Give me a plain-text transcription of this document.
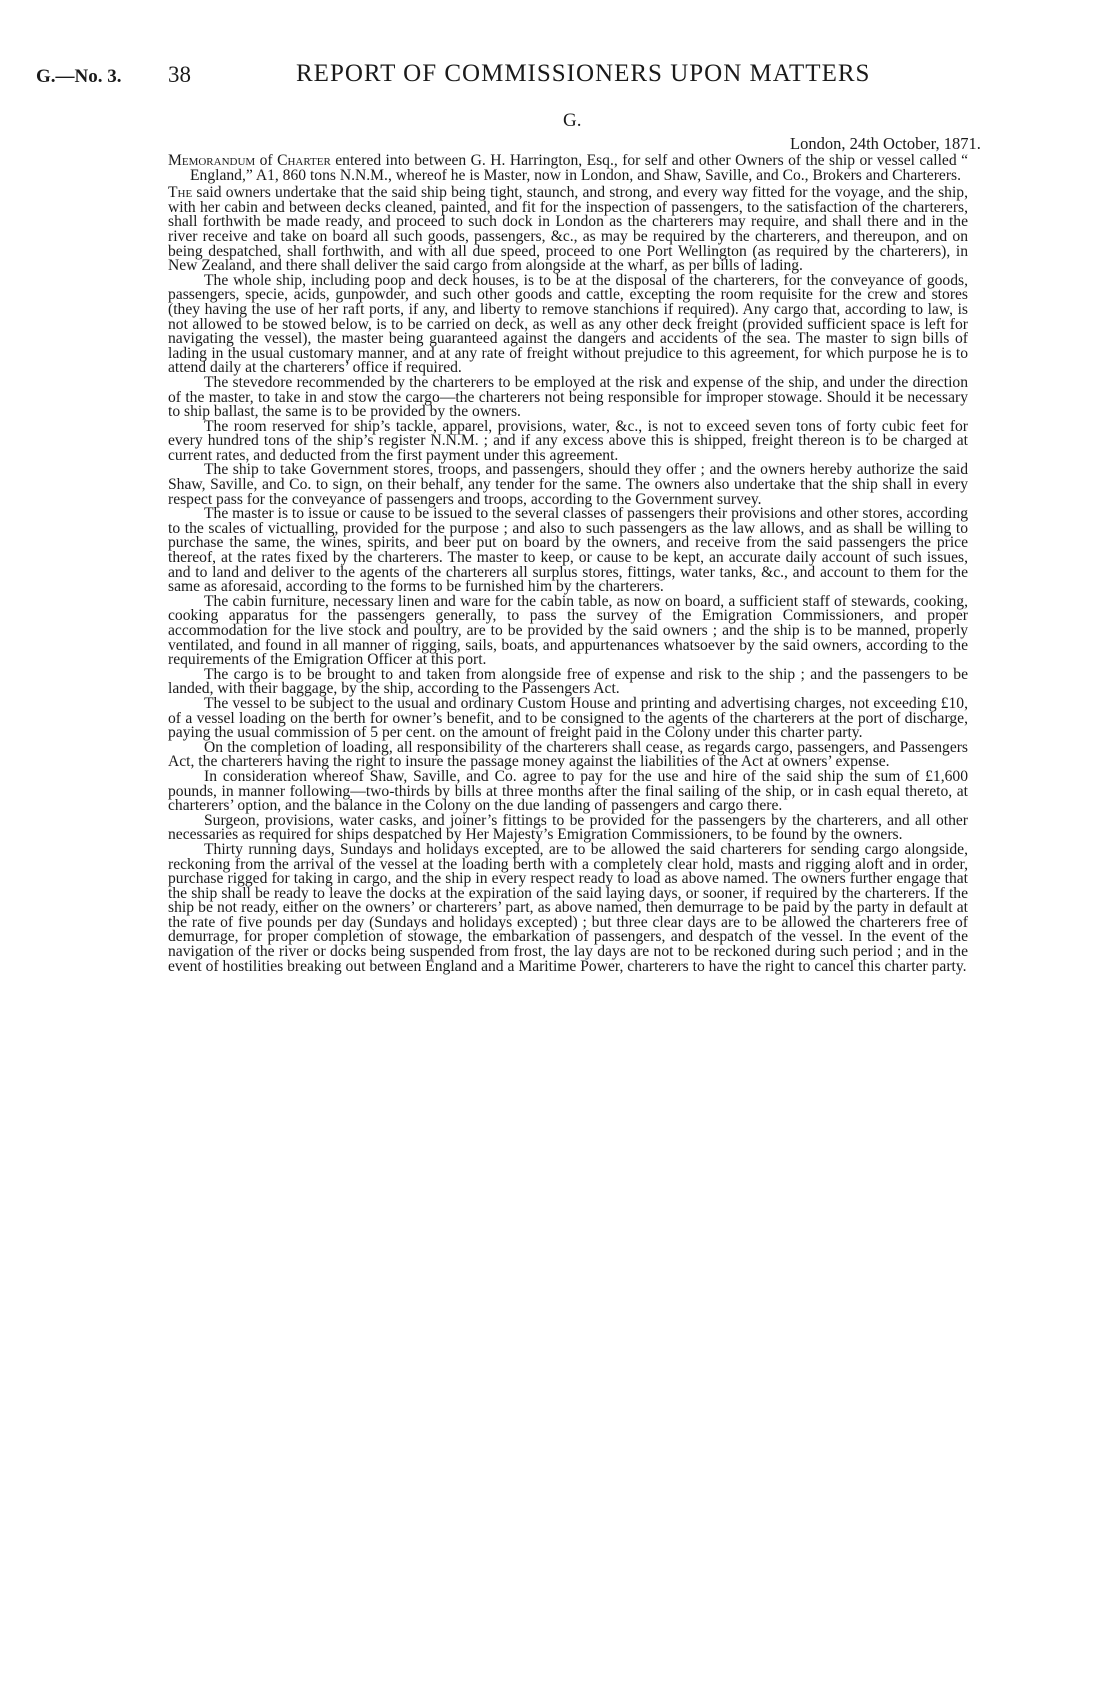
G.—No. 3. 38	REPORT OF COMMISSIONERS UPON MATTERS
G.
London, 24th October, 1871.

Memorandum of Charter entered into between G. H. Harrington, Esq., for self and other Owners of the ship or vessel called “ England,” A1, 860 tons N.N.M., whereof he is Master, now in London, and Shaw, Saville, and Co., Brokers and Charterers.

The said owners undertake that the said ship being tight, staunch, and strong, and every way fitted for the voyage, and the ship, with her cabin and between decks cleaned, painted, and fit for the inspection of passengers, to the satisfaction of the charterers, shall forthwith be made ready, and proceed to such dock in London as the charterers may require, and shall there and in the river receive and take on board all such goods, passengers, &c., as may be required by the charterers, and thereupon, and on being despatched, shall forthwith, and with all due speed, proceed to one Port Wellington (as required by the charterers), in New Zealand, and there shall deliver the said cargo from alongside at the wharf, as per bills of lading.

The whole ship, including poop and deck houses, is to be at the disposal of the charterers, for the conveyance of goods, passengers, specie, acids, gunpowder, and such other goods and cattle, excepting the room requisite for the crew and stores (they having the use of her raft ports, if any, and liberty to remove stanchions if required). Any cargo that, according to law, is not allowed to be stowed below, is to be carried on deck, as well as any other deck freight (provided sufficient space is left for navigating the vessel), the master being guaranteed against the dangers and accidents of the sea. The master to sign bills of lading in the usual customary manner, and at any rate of freight without prejudice to this agreement, for which purpose he is to attend daily at the charterers’ office if required.

The stevedore recommended by the charterers to be employed at the risk and expense of the ship, and under the direction of the master, to take in and stow the cargo—the charterers not being responsible for improper stowage. Should it be necessary to ship ballast, the same is to be provided by the owners.

The room reserved for ship’s tackle, apparel, provisions, water, &c., is not to exceed seven tons of forty cubic feet for every hundred tons of the ship’s register N.N.M. ; and if any excess above this is shipped, freight thereon is to be charged at current rates, and deducted from the first payment under this agreement.

The ship to take Government stores, troops, and passengers, should they offer ; and the owners hereby authorize the said Shaw, Saville, and Co. to sign, on their behalf, any tender for the same. The owners also undertake that the ship shall in every respect pass for the conveyance of passengers and troops, according to the Government survey.

The master is to issue or cause to be issued to the several classes of passengers their provisions and other stores, according to the scales of victualling, provided for the purpose ; and also to such passengers as the law allows, and as shall be willing to purchase the same, the wines, spirits, and beer put on board by the owners, and receive from the said passengers the price thereof, at the rates fixed by the charterers. The master to keep, or cause to be kept, an accurate daily account of such issues, and to land and deliver to the agents of the charterers all surplus stores, fittings, water tanks, &c., and account to them for the same as aforesaid, according to the forms to be furnished him by the charterers.

The cabin furniture, necessary linen and ware for the cabin table, as now on board, a sufficient staff of stewards, cooking, cooking apparatus for the passengers generally, to pass the survey of the Emigration Commissioners, and proper accommodation for the live stock and poultry, are to be provided by the said owners ; and the ship is to be manned, properly ventilated, and found in all manner of rigging, sails, boats, and appurtenances whatsoever by the said owners, according to the requirements of the Emigration Officer at this port.

The cargo is to be brought to and taken from alongside free of expense and risk to the ship ; and the passengers to be landed, with their baggage, by the ship, according to the Passengers Act.

The vessel to be subject to the usual and ordinary Custom House and printing and advertising charges, not exceeding £10, of a vessel loading on the berth for owner’s benefit, and to be consigned to the agents of the charterers at the port of discharge, paying the usual commission of 5 per cent. on the amount of freight paid in the Colony under this charter party.

On the completion of loading, all responsibility of the charterers shall cease, as regards cargo, passengers, and Passengers Act, the charterers having the right to insure the passage money against the liabilities of the Act at owners’ expense.

In consideration whereof Shaw, Saville, and Co. agree to pay for the use and hire of the said ship the sum of £1,600 pounds, in manner following—two-thirds by bills at three months after the final sailing of the ship, or in cash equal thereto, at charterers’ option, and the balance in the Colony on the due landing of passengers and cargo there.

Surgeon, provisions, water casks, and joiner’s fittings to be provided for the passengers by the charterers, and all other necessaries as required for ships despatched by Her Majesty’s Emigration Commissioners, to be found by the owners.

Thirty running days, Sundays and holidays excepted, are to be allowed the said charterers for sending cargo alongside, reckoning from the arrival of the vessel at the loading berth with a completely clear hold, masts and rigging aloft and in order, purchase rigged for taking in cargo, and the ship in every respect ready to load as above named. The owners further engage that the ship shall be ready to leave the docks at the expiration of the said laying days, or sooner, if required by the charterers. If the ship be not ready, either on the owners’ or charterers’ part, as above named, then demurrage to be paid by the party in default at the rate of five pounds per day (Sundays and holidays excepted) ; but three clear days are to be allowed the charterers free of demurrage, for proper completion of stowage, the embarkation of passengers, and despatch of the vessel. In the event of the navigation of the river or docks being suspended from frost, the lay days are not to be reckoned during such period ; and in the event of hostilities breaking out between England and a Maritime Power, charterers to have the right to cancel this charter party.
